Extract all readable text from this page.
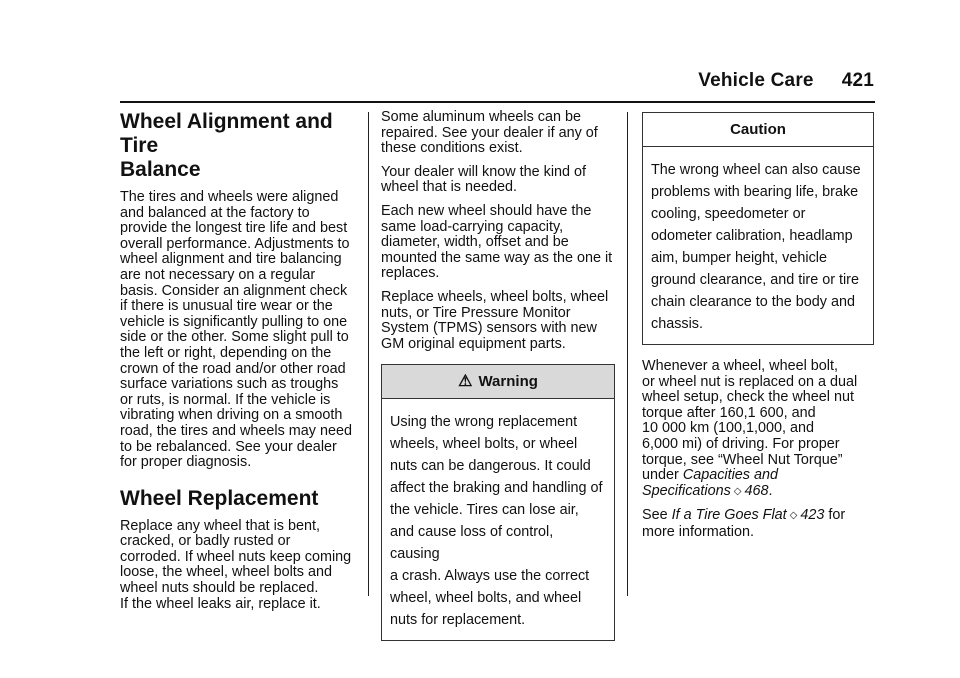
Vehicle Care 421
Wheel Alignment and Tire
Balance

The tires and wheels were aligned
and balanced at the factory to
provide the longest tire life and best
overall performance. Adjustments to
wheel alignment and tire balancing
are not necessary on a regular
basis. Consider an alignment check
if there is unusual tire wear or the
vehicle is significantly pulling to one
side or the other. Some slight pull to
the left or right, depending on the
crown of the road and/or other road
surface variations such as troughs
or ruts, is normal. If the vehicle is
vibrating when driving on a smooth
road, the tires and wheels may need
to be rebalanced. See your dealer
for proper diagnosis.

Wheel Replacement

Replace any wheel that is bent,
cracked, or badly rusted or
corroded. If wheel nuts keep coming
loose, the wheel, wheel bolts and
wheel nuts should be replaced.
If the wheel leaks air, replace it.

Some aluminum wheels can be
repaired. See your dealer if any of
these conditions exist.

Your dealer will know the kind of
wheel that is needed.

Each new wheel should have the
same load-carrying capacity,
diameter, width, offset and be
mounted the same way as the one it
replaces.

Replace wheels, wheel bolts, wheel
nuts, or Tire Pressure Monitor
System (TPMS) sensors with new
GM original equipment parts.

⚠ Warning
Using the wrong replacement
wheels, wheel bolts, or wheel
nuts can be dangerous. It could
affect the braking and handling of
the vehicle. Tires can lose air,
and cause loss of control, causing
a crash. Always use the correct
wheel, wheel bolts, and wheel
nuts for replacement.
Caution
The wrong wheel can also cause
problems with bearing life, brake
cooling, speedometer or
odometer calibration, headlamp
aim, bumper height, vehicle
ground clearance, and tire or tire
chain clearance to the body and
chassis.

Whenever a wheel, wheel bolt,
or wheel nut is replaced on a dual
wheel setup, check the wheel nut
torque after 160,1 600, and
10 000 km (100,1,000, and
6,000 mi) of driving. For proper
torque, see “Wheel Nut Torque”
under Capacities and
Specifications ◇ 468.

See If a Tire Goes Flat ◇ 423 for
more information.
